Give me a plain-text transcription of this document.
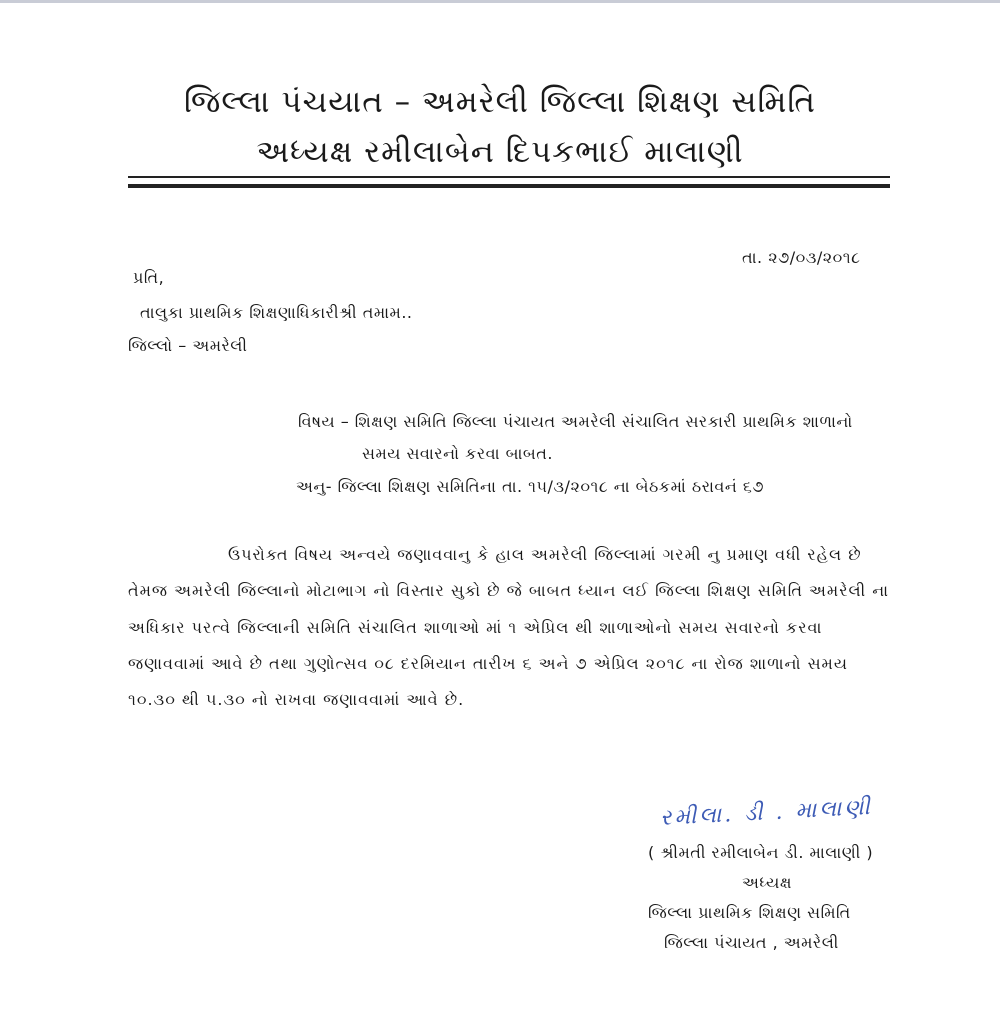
જિલ્લા પંચયાત – અમરેલી જિલ્લા શિક્ષણ સમિતિ
અધ્યક્ષ રમીલાબેન દિપકભાઈ માલાણી
તા. ૨૭/૦૩/૨૦૧૮
પ્રતિ,
તાલુકા પ્રાથમિક શિક્ષણાધિકારીશ્રી તમામ..
જિલ્લો – અમરેલી
વિષય – શિક્ષણ સમિતિ જિલ્લા પંચાયત અમરેલી સંચાલિત સરકારી પ્રાથમિક શાળાનો
સમય સવારનો કરવા બાબત.
અનુ- જિલ્લા શિક્ષણ સમિતિના તા. ૧૫/૩/૨૦૧૮ ના બેઠકમાં ઠરાવનં ૬૭
ઉપરોક્ત વિષય અન્વયે જણાવવાનુ કે હાલ અમરેલી જિલ્લામાં ગરમી નુ પ્રમાણ વધી રહેલ છે
તેમજ અમરેલી જિલ્લાનો મોટાભાગ નો વિસ્તાર સુકો છે જે બાબત ધ્યાન લઈ જિલ્લા શિક્ષણ સમિતિ અમરેલી ના
અધિકાર પરત્વે જિલ્લાની સમિતિ સંચાલિત શાળાઓ માં ૧ એપ્રિલ થી શાળાઓનો સમય સવારનો કરવા
જણાવવામાં આવે છે તથા ગુણોત્સવ ૦૮ દરમિયાન તારીખ ૬ અને ૭ એપ્રિલ ૨૦૧૮ ના રોજ શાળાનો સમય
૧૦.૩૦ થી ૫.૩૦ નો રાખવા જણાવવામાં આવે છે.
રમીલા. ડી . માલાણી
( શ્રીમતી રમીલાબેન ડી. માલાણી )
અધ્યક્ષ
જિલ્લા પ્રાથમિક શિક્ષણ સમિતિ
જિલ્લા પંચાયત , અમરેલી
